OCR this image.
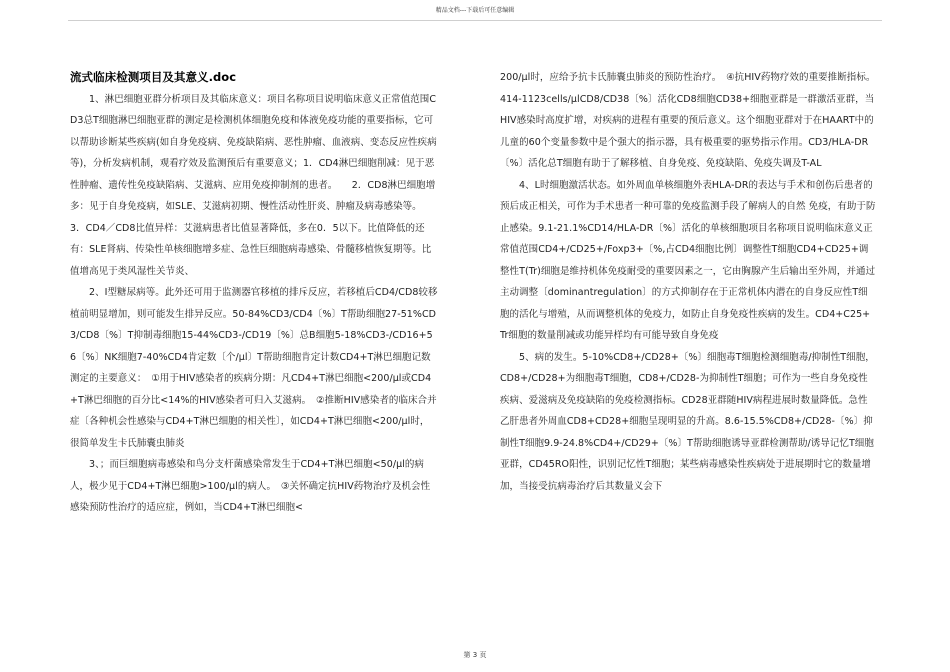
精品文档---下载后可任意编辑

流式临床检测项目及其意义.doc

1、淋巴细胞亚群分析项目及其临床意义：项目名称项目说明临床意义正常值范围CD3总T细胞淋巴细胞亚群的测定是检测机体细胞免疫和体液免疫功能的重要指标，它可以帮助诊断某些疾病(如自身免疫病、免疫缺陷病、恶性肿瘤、血液病、变态反应性疾病等)，分析发病机制，观看疗效及监测预后有重要意义；1．CD4淋巴细胞削减：见于恶性肿瘤、遗传性免疫缺陷病、艾滋病、应用免疫抑制剂的患者。　　2．CD8淋巴细胞增多：见于自身免疫病，如SLE、艾滋病初期、慢性活动性肝炎、肿瘤及病毒感染等。　　3．CD4／CD8比值异样：艾滋病患者比值显著降低，多在0．5以下。比值降低的还有：SLE肾病、传染性单核细胞增多症、急性巨细胞病毒感染、骨髓移植恢复期等。比值增高见于类风湿性关节炎、

2、I型糖尿病等。此外还可用于监测器官移植的排斥反应，若移植后CD4/CD8较移植前明显增加，则可能发生排异反应。50-84%CD3/CD4〔%〕T帮助细胞27-51%CD3/CD8〔%〕T抑制毒细胞15-44%CD3-/CD19〔%〕总B细胞5-18%CD3-/CD16+56〔%〕NK细胞7-40%CD4肯定数〔个/μl〕T帮助细胞肯定计数CD4+T淋巴细胞记数测定的主要意义：　①用于HIV感染者的疾病分期：凡CD4+T淋巴细胞<200/μl或CD4+T淋巴细胞的百分比<14%的HIV感染者可归入艾滋病。　②推断HIV感染者的临床合并症〔各种机会性感染与CD4+T淋巴细胞的相关性〕，如CD4+T淋巴细胞<200/μl时，很简单发生卡氏肺囊虫肺炎

3、；而巨细胞病毒感染和鸟分支杆菌感染常发生于CD4+T淋巴细胞<50/μl的病人，极少见于CD4+T淋巴细胞>100/μl的病人。　③关怀确定抗HIV药物治疗及机会性感染预防性治疗的适应症，例如，当CD4+T淋巴细胞<

200/μl时，应给予抗卡氏肺囊虫肺炎的预防性治疗。　④抗HIV药物疗效的重要推断指标。414-1123cells/μlCD8/CD38〔%〕活化CD8细胞CD38+细胞亚群是一群激活亚群，当HIV感染时高度扩增，对疾病的进程有重要的预后意义。这个细胞亚群对于在HAART中的儿童的60个变量参数中是个强大的指示器，具有极重要的驱势指示作用。CD3/HLA-DR〔%〕活化总T细胞有助于了解移植、自身免疫、免疫缺陷、免疫失调及T-AL

4、L时细胞激活状态。如外周血单核细胞外表HLA-DR的表达与手术和创伤后患者的预后成正相关，可作为手术患者一种可靠的免疫监测手段了解病人的自然 免疫，有助于防止感染。9.1-21.1%CD14/HLA-DR〔%〕活化的单核细胞项目名称项目说明临床意义正常值范围CD4+/CD25+/Foxp3+〔%,占CD4细胞比例〕调整性T细胞CD4+CD25+调整性T(Tr)细胞是维持机体免疫耐受的重要因素之一，它由胸腺产生后输出至外周，并通过主动调整〔dominantregulation〕的方式抑制存在于正常机体内潜在的自身反应性T细胞的活化与增殖，从而调整机体的免疫力，如防止自身免疫性疾病的发生。CD4+C25+Tr细胞的数量削减或功能异样均有可能导致自身免疫

5、病的发生。5-10%CD8+/CD28+〔%〕细胞毒T细胞检测细胞毒/抑制性T细胞，CD8+/CD28+为细胞毒T细胞，CD8+/CD28-为抑制性T细胞；可作为一些自身免疫性疾病、爱滋病及免疫缺陷的免疫检测指标。CD28亚群随HIV病程进展时数量降低。急性乙肝患者外周血CD8+CD28+细胞呈现明显的升高。8.6-15.5%CD8+/CD28-〔%〕抑制性T细胞9.9-24.8%CD4+/CD29+〔%〕T帮助细胞诱导亚群检测帮助/诱导记忆T细胞亚群，CD45RO阳性，识别记忆性T细胞；某些病毒感染性疾病处于进展期时它的数量增加，当接受抗病毒治疗后其数量义会下

第 3 页
